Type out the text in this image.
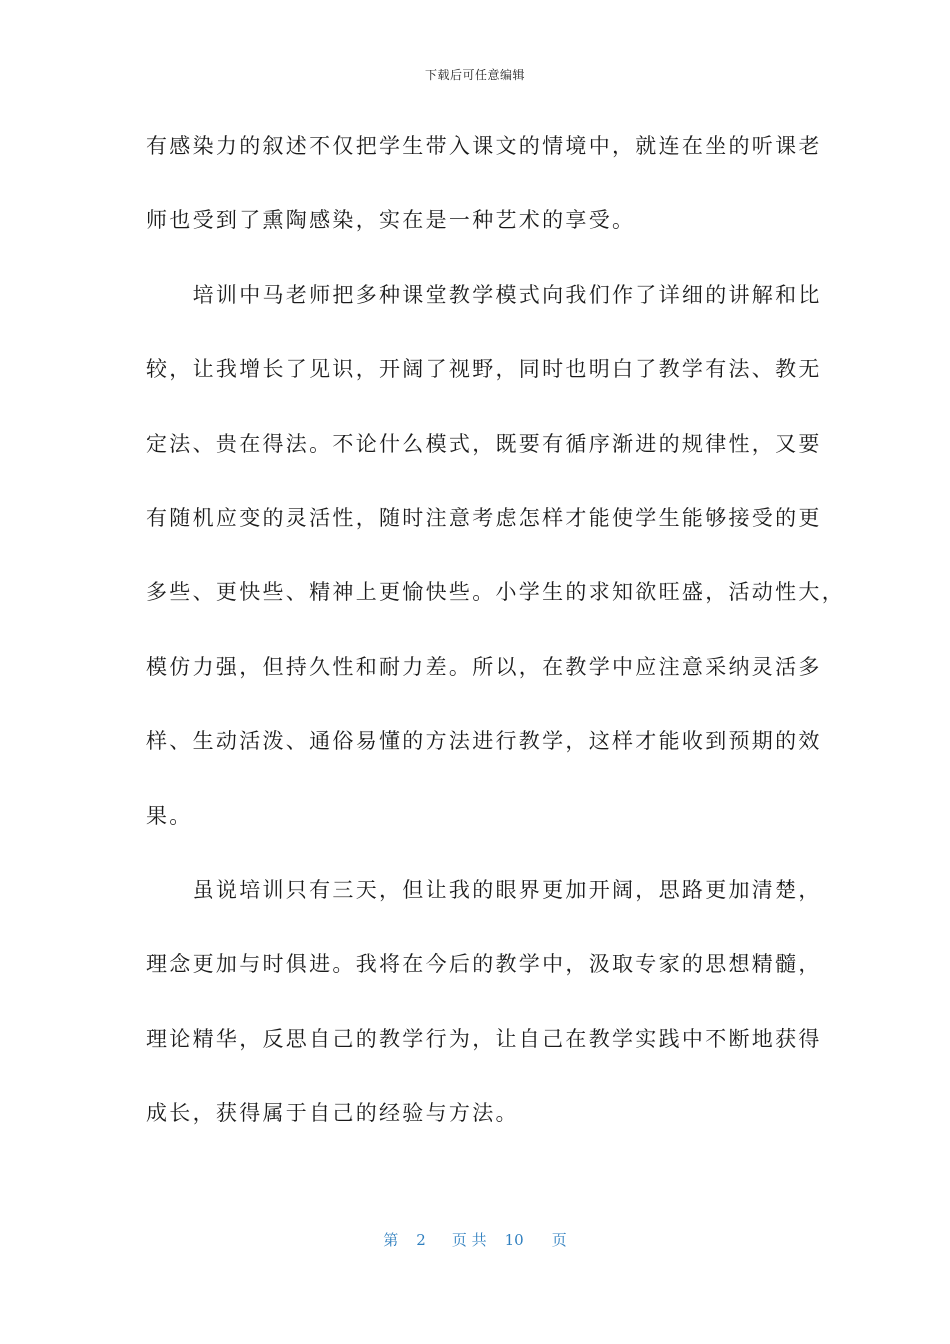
下载后可任意编辑
有感染力的叙述不仅把学生带入课文的情境中，就连在坐的听课老
师也受到了熏陶感染，实在是一种艺术的享受。
　　培训中马老师把多种课堂教学模式向我们作了详细的讲解和比
较，让我增长了见识，开阔了视野，同时也明白了教学有法、教无
定法、贵在得法。不论什么模式，既要有循序渐进的规律性，又要
有随机应变的灵活性，随时注意考虑怎样才能使学生能够接受的更
多些、更快些、精神上更愉快些。小学生的求知欲旺盛，活动性大，
模仿力强，但持久性和耐力差。所以，在教学中应注意采纳灵活多
样、生动活泼、通俗易懂的方法进行教学，这样才能收到预期的效
果。
　　虽说培训只有三天，但让我的眼界更加开阔，思路更加清楚，
理念更加与时俱进。我将在今后的教学中，汲取专家的思想精髓，
理论精华，反思自己的教学行为，让自己在教学实践中不断地获得
成长，获得属于自己的经验与方法。
第 2 页 共 10 页
